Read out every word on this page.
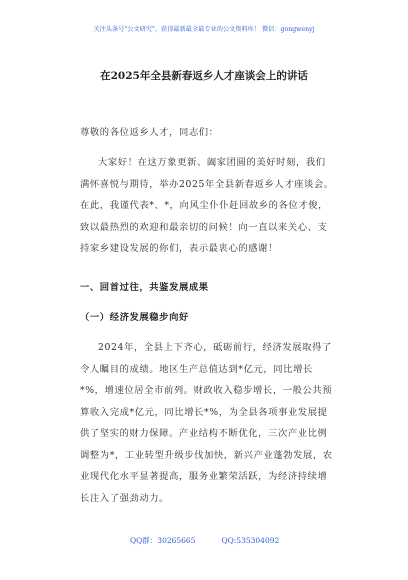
关注头条号"公文研究"，获得最新最全最专业的公文资料库！ 微信：gongwenyj
在2025年全县新春返乡人才座谈会上的讲话

尊敬的各位返乡人才，同志们：

大家好！在这万象更新、阖家团圆的美好时刻，我们满怀喜悦与期待，举办2025年全县新春返乡人才座谈会。在此，我谨代表*、*，向风尘仆仆赶回故乡的各位才俊，致以最热烈的欢迎和最亲切的问候！向一直以来关心、支持家乡建设发展的你们，表示最衷心的感谢！

一、回首过往，共鉴发展成果
（一）经济发展稳步向好

2024年，全县上下齐心，砥砺前行，经济发展取得了令人瞩目的成绩。地区生产总值达到*亿元，同比增长*%，增速位居全市前列。财政收入稳步增长，一般公共预算收入完成*亿元，同比增长*%，为全县各项事业发展提供了坚实的财力保障。产业结构不断优化，三次产业比例调整为*，工业转型升级步伐加快，新兴产业蓬勃发展，农业现代化水平显著提高，服务业繁荣活跃，为经济持续增长注入了强劲动力。

QQ群：30265665	QQ:535304092
